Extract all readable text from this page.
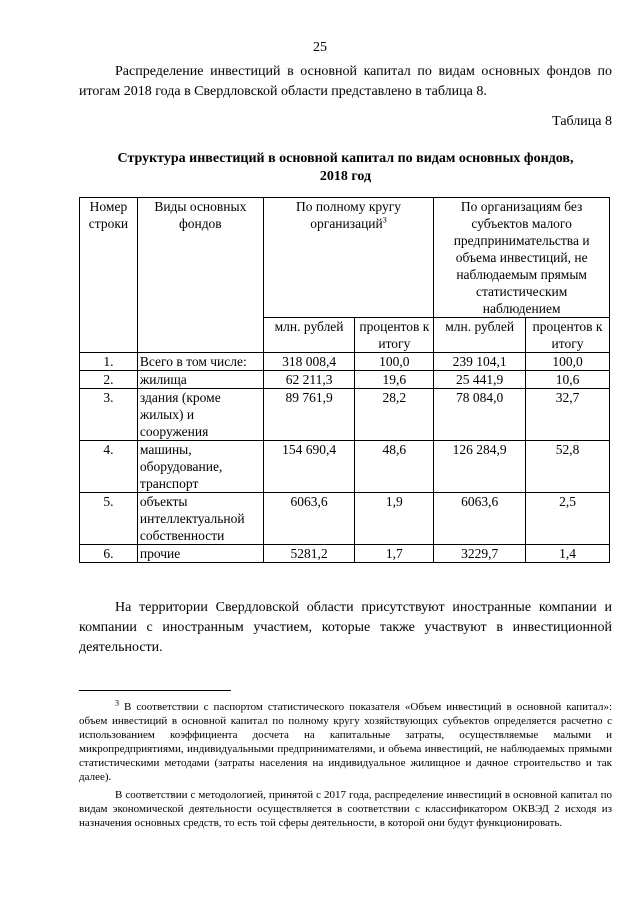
25

Распределение инвестиций в основной капитал по видам основных фондов по итогам 2018 года в Свердловской области представлено в таблица 8.

Таблица 8
Структура инвестиций в основной капитал по видам основных фондов,
2018 год
Номер строки	Виды основных фондов	По полному кругу организаций$^3$		По организациям без субъектов малого предпринимательства и объема инвестиций, не наблюдаемым прямым статистическим наблюдением	
		млн. рублей	процентов к итогу	млн. рублей	процентов к итогу
1.	Всего в том числе:	318 008,4	100,0	239 104,1	100,0
2.	жилища	62 211,3	19,6	25 441,9	10,6
3.	здания (кроме жилых) и сооружения	89 761,9	28,2	78 084,0	32,7
4.	машины, оборудование, транспорт	154 690,4	48,6	126 284,9	52,8
5.	объекты интеллектуальной собственности	6063,6	1,9	6063,6	2,5
6.	прочие	5281,2	1,7	3229,7	1,4

На территории Свердловской области присутствуют иностранные компании и компании с иностранным участием, которые также участвуют в инвестиционной деятельности.

$^3$ В соответствии с паспортом статистического показателя «Объем инвестиций в основной капитал»: объем инвестиций в основной капитал по полному кругу хозяйствующих субъектов определяется расчетно с использованием коэффициента досчета на капитальные затраты, осуществляемые малыми и микропредприятиями, индивидуальными предпринимателями, и объема инвестиций, не наблюдаемых прямыми статистическими методами (затраты населения на индивидуальное жилищное и дачное строительство и так далее).

В соответствии с методологией, принятой с 2017 года, распределение инвестиций в основной капитал по видам экономической деятельности осуществляется в соответствии с классификатором ОКВЭД 2 исходя из назначения основных средств, то есть той сферы деятельности, в которой они будут функционировать.
